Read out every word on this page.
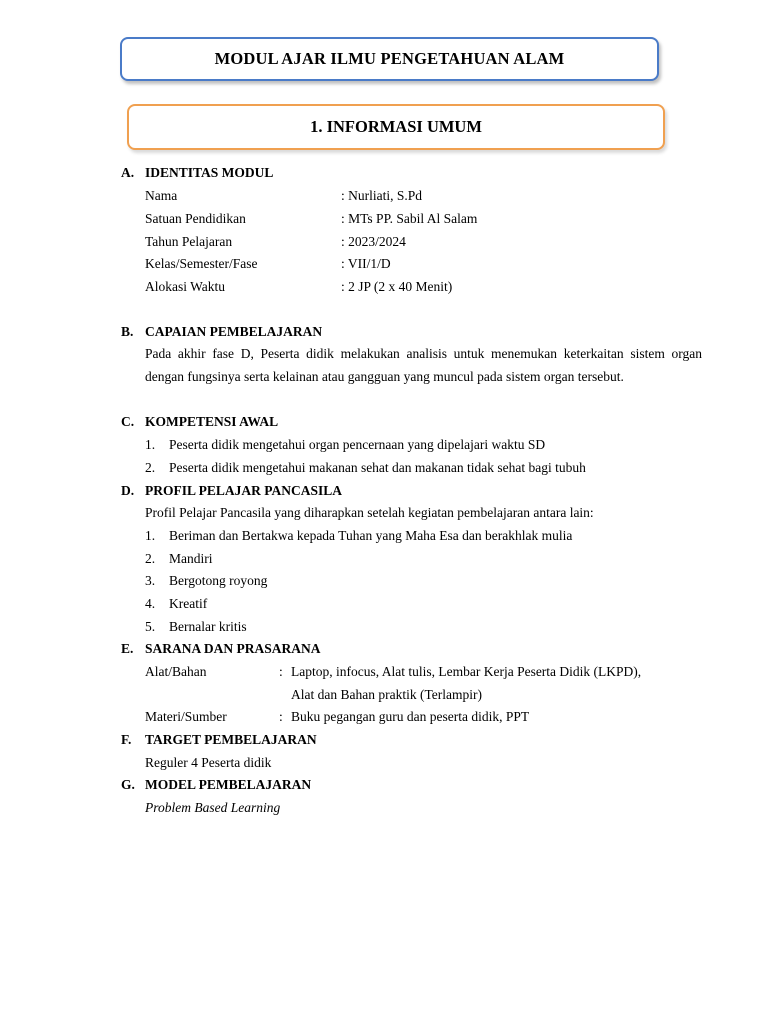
MODUL AJAR ILMU PENGETAHUAN ALAM
1. INFORMASI UMUM
A. IDENTITAS MODUL
Nama	: Nurliati, S.Pd
Satuan Pendidikan	: MTs PP. Sabil Al Salam
Tahun Pelajaran	: 2023/2024
Kelas/Semester/Fase	: VII/1/D
Alokasi Waktu	: 2 JP (2 x 40 Menit)
B. CAPAIAN PEMBELAJARAN
Pada akhir fase D, Peserta didik melakukan analisis untuk menemukan keterkaitan sistem organ dengan fungsinya serta kelainan atau gangguan yang muncul pada sistem organ tersebut.
C. KOMPETENSI AWAL
1. Peserta didik mengetahui organ pencernaan yang dipelajari waktu SD
2. Peserta didik mengetahui makanan sehat dan makanan tidak sehat bagi tubuh
D. PROFIL PELAJAR PANCASILA
Profil Pelajar Pancasila yang diharapkan setelah kegiatan pembelajaran antara lain:
1. Beriman dan Bertakwa kepada Tuhan yang Maha Esa dan berakhlak mulia
2. Mandiri
3. Bergotong royong
4. Kreatif
5. Bernalar kritis
E. SARANA DAN PRASARANA
Alat/Bahan	: Laptop, infocus, Alat tulis, Lembar Kerja Peserta Didik (LKPD),
Alat dan Bahan praktik (Terlampir)
Materi/Sumber	: Buku pegangan guru dan peserta didik, PPT
F. TARGET PEMBELAJARAN
Reguler 4 Peserta didik
G. MODEL PEMBELAJARAN
Problem Based Learning
